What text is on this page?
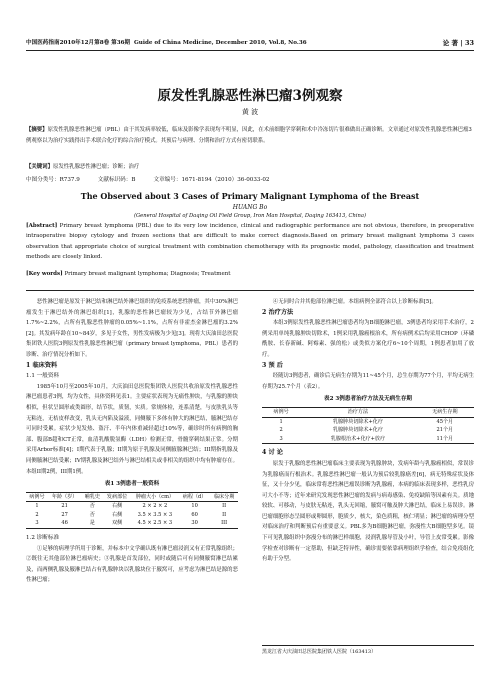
中国医药指南2010年12月第8卷 第36期 Guide of China Medicine, December 2010, Vol.8, No.36	论 著 | 33
原发性乳腺恶性淋巴瘤3例观察
黄 波
【摘要】原发性乳腺恶性淋巴瘤（PBL）由于其发病率较低，临床及影像学表现均不明显，因此，在术前细胞学穿刺和术中冷冻切片很难做出正确诊断。文章通过对原发性乳腺恶性淋巴瘤3例观察以为治疗实践得出手术联合化疗的综合治疗模式。其预后与病理、分期和治疗方式有密切联系。
【关键词】原发性乳腺恶性淋巴瘤；诊断；治疗
中图分类号：R737.9	文献标识码：B	文章编号：1671-8194（2010）36-0033-02
The Observed about 3 Cases of Primary Malignant Lymphoma of the Breast
HUANG Bo
(General Hospital of Daqing Oil Field Group, Iron Man Hospital, Daqing 163413, China)
[Abstract] Primary breast lymphoma (PBL) due to its very low incidence, clinical and radiographic performance are not obvious, therefore, in preoperative intraoperative biopsy cytology and frozen sections that are difficult to make correct diagnosis.Based on primary breast malignant lymphoma 3 cases observation that appropriate choice of surgical treatment with combination chemotherapy with its prognostic model, pathology, classification and treatment methods are closely linked.
[Key words] Primary breast malignant lymphoma; Diagnosis; Treatment

恶性淋巴瘤是原发于淋巴结和淋巴结外淋巴组织的免疫系统恶性肿瘤，其中30%淋巴瘤发生于淋巴结外的淋巴组织[1]，乳腺的恶性淋巴瘤较为少见，占结节外淋巴瘤1.7%~2.2%，占所有乳腺恶性肿瘤的0.05%~1.1%，占所有非霍杰金淋巴瘤的3.2%[2]。其发病年龄在10~84岁，多见于女性，男性发病极为少见[3]。现将大庆油田总医院集团铁人医院3例原发性乳腺恶性淋巴瘤（primary breast lymphoma，PBL）患者的诊断、治疗情况分析如下。

1 临床资料

1.1 一般资料

1985年10月至2005年10月，大庆油田总医院集团铁人医院共收治原发性乳腺恶性淋巴瘤患者3例，均为女性，具体资料见表1。主要症状表现为无痛性肿块，与乳腺的肿块相似，但状呈圆形或类圆形，结节状，质韧，实质。常规体检，连系清楚，与皮肤乳头等无粘连，无桔皮样改变，乳头无内陷及溢液，同侧腋下多体有肿大的淋巴结，腋淋巴结存可同时受累。症状少见发热、盗汗、半年内体重减轻超过10%等，确诊时所有病例的胸部、腹部B超和CT正常，血清乳酸脱氢酶（LDH）检测正常，骨髓穿刺结果正常。分期采用Arbor标准[4]；I期代表于乳腺；II期为原于乳腺及同侧腋腺淋巴结；III期指乳腺及同侧腋淋巴结受累；IV期乳腺及淋巴结外与淋巴结相关或非相关的组织中均有肿瘤存在。本组II期2例，III期1例。

表1 3例患者一般资料
病例号	年龄（岁）	哺乳史	发病部位	肿瘤大小（cm）	病程（d）	临床分期
1	21	否	右侧	2 × 2 × 2	10	II
2	27	否	右侧	3.5 × 3.5 × 3	60	II
3	46	是	双侧	4.5 × 2.5 × 3	30	III

1.2 诊断标准

①足够的病理学所用于诊断，并标本中文学确认既有淋巴瘤浸润又有正常乳腺组织；②既往无其他部位淋巴瘤病史；③乳腺是首发部位，同时或随后可有同侧腋窝淋巴结累及，而两侧乳腺及腋淋巴结占有乳腺肿块以乳腺块位于腋窝可，应考虑为淋巴结是源的恶性淋巴瘤；

④无同时合并其他部位淋巴瘤。本组病例全部符合以上诊断标准[5]。

2 治疗方法

本组3例原发性乳腺恶性淋巴瘤患者均为B细胞淋巴瘤，3例患者均采用手术治疗，2例采用单纯乳腺肿块切除术，1例采用乳腺癌根治术，所有病例术后均采用CHOP（环磷酰胺、长春新碱、阿霉素、强的松）或类似方案化疗6~10个周期，1例患者加用了放疗。

3 预 后

经随访3例患者，确诊后无病生存期为11~45个月，总生存期为77个月，平均无病生存期为25.7个月（表2）。

表2 3例患者治疗方法及无病生存期
病例号	治疗方法	无病生存期
1	乳腺肿块切除术+化疗	45个月
2	乳腺肿块切除术+化疗	21个月
3	乳腺根治术+化疗+放疗	11个月

4 讨 论

原发于乳腺的恶性淋巴瘤临床主要表现为乳腺肿块，发病年龄与乳腺癌相似，常误诊为乳腺癌而行根治术。乳腺恶性淋巴瘤一般认为预后较乳腺癌差[6]，病无特殊症状及体征，又十分少见，临床常将恶性淋巴瘤误诊断为乳腺癌，本病的临床表现多样，恶性乳房可大小不等；近年来研究发现恶性淋巴瘤的发病与病毒感染、免疫缺陷等因素有关。质地较软、可移动，与皮肤无粘连，乳头无回缩，腋窝可触及肿大淋巴结，临床上易误诊。淋巴瘤细胞形态呈圆形或卵圆形，胞质少，核大，染色质粗，核仁明显；淋巴瘤的病理分型对临床治疗和判断预后有重要意义。PBL多为B细胞淋巴瘤，弥漫性大B细胞型多见。镜下可见乳腺组织中弥漫分布的淋巴样细胞，浸润乳腺导管及小叶，导管上皮常受累。影像学检查对诊断有一定帮助，但缺乏特异性，确诊需要依靠病理组织学检查，结合免疫组化有助于分型。

黑龙江省大庆油田总医院集团铁人医院（163413）
